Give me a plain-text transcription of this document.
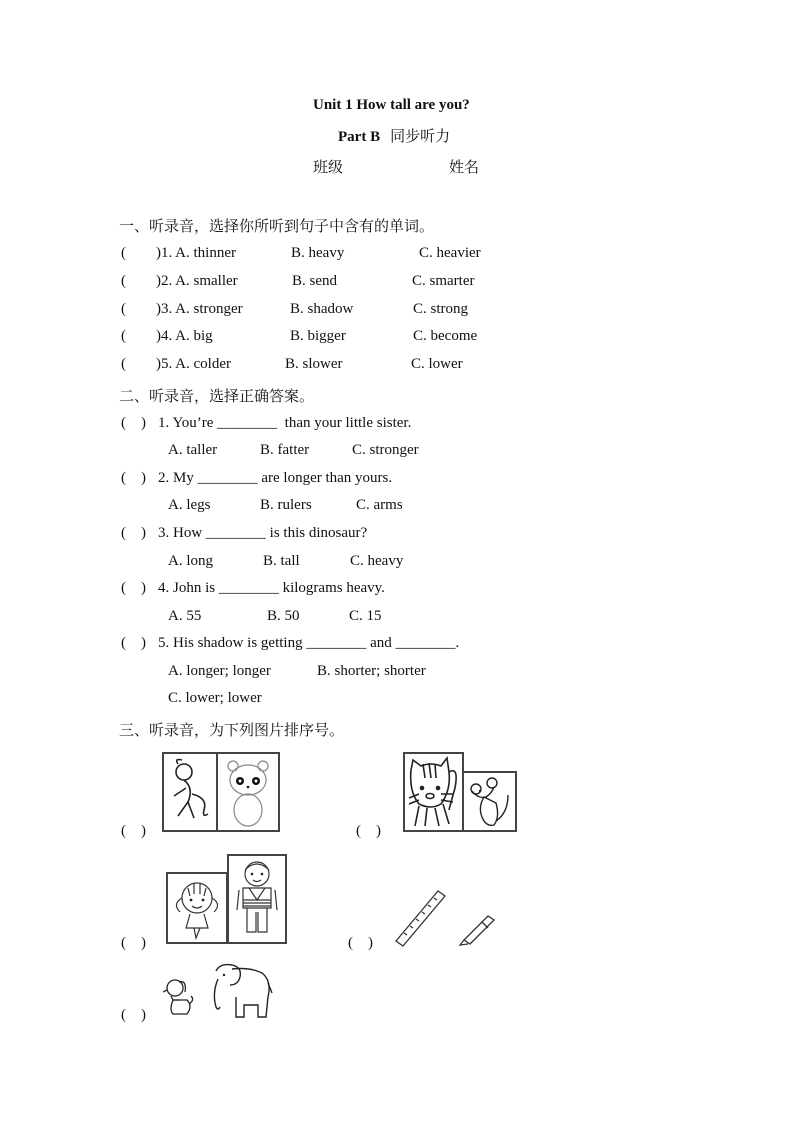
Unit 1 How tall are you?
Part B 同步听力
班级	姓名
一、听录音，选择你所听到句子中含有的单词。
( )1. A. thinner	B. heavy	C. heavier
( )2. A. smaller	B. send	C. smarter
( )3. A. stronger	B. shadow	C. strong
( )4. A. big	B. bigger	C. become
( )5. A. colder	B. slower	C. lower
二、听录音，选择正确答案。
(    ) 1. You’re ________  than your little sister.
A. taller	B. fatter	C. stronger
(    ) 2. My ________ are longer than yours.
A. legs	B. rulers	C. arms
(    ) 3. How ________ is this dinosaur?
A. long	B. tall	C. heavy
(    ) 4. John is ________ kilograms heavy.
A. 55	B. 50	C. 15
(    ) 5. His shadow is getting ________ and ________.
A. longer; longer	B. shorter; shorter
C. lower; lower
三、听录音，为下列图片排序号。
(    )	(    )
(    )	(    )
(    )
